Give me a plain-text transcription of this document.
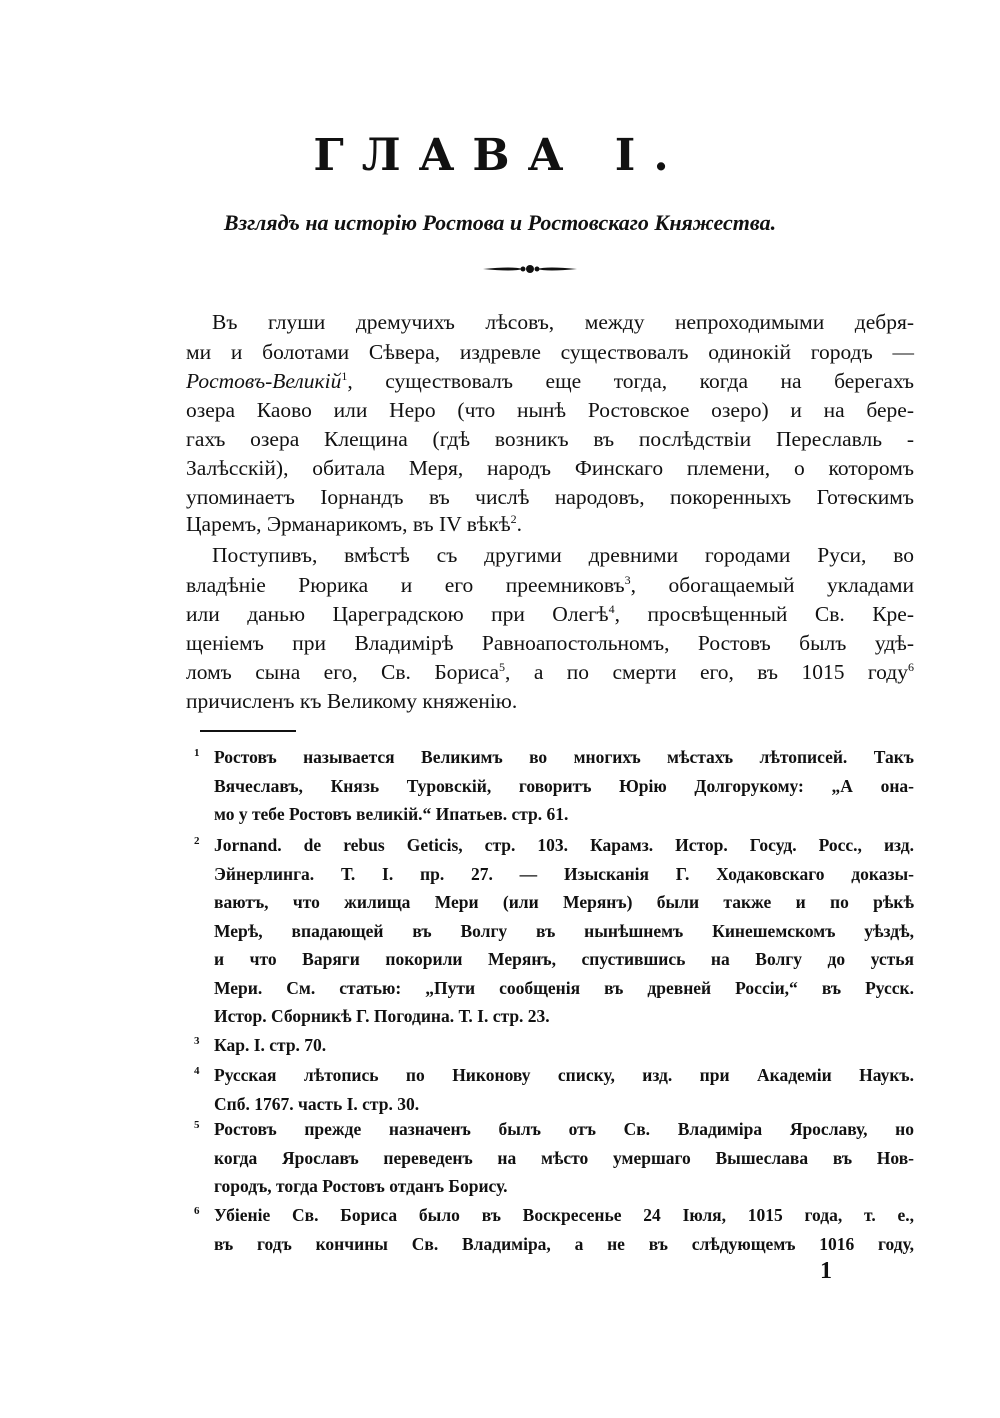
ГЛАВА I.
Взглядъ на исторію Ростова и Ростовскаго Княжества.
Въ глуши дремучихъ лѣсовъ, между непроходимыми дебря-
ми и болотами Сѣвера, издревле существовалъ одинокій городъ —
Ростовъ-Великій$^1$, существовалъ еще тогда, когда на берегахъ
озера Каово или Неро (что нынѣ Ростовское озеро) и на бере-
гахъ озера Клещина (гдѣ возникъ въ послѣдствіи Переславль -
Залѣсскій), обитала Меря, народъ Финскаго племени, о которомъ
упоминаетъ Іорнандъ въ числѣ народовъ, покоренныхъ Готѳскимъ
Царемъ, Эрманарикомъ, въ IV вѣкѣ$^2$.
Поступивъ, вмѣстѣ съ другими древними городами Руси, во
владѣніе Рюрика и его преемниковъ$^3$, обогащаемый укладами
или данью Цареградскою при Олегѣ$^4$, просвѣщенный Св. Кре-
щеніемъ при Владимірѣ Равноапостольномъ, Ростовъ былъ удѣ-
ломъ сына его, Св. Бориса$^5$, а по смерти его, въ 1015 году$^6$
причисленъ къ Великому княженію.
1 Ростовъ называется Великимъ во многихъ мѣстахъ лѣтописей. Такъ
Вячеславъ, Князь Туровскій, говоритъ Юрію Долгорукому: „А она-
мо у тебе Ростовъ великій.“ Ипатьев. стр. 61.
2 Jornand. de rebus Geticis, стр. 103. Карамз. Истор. Госуд. Росс., изд.
Эйнерлинга. Т. I. пр. 27. — Изысканія Г. Ходаковскаго доказы-
ваютъ, что жилища Мери (или Мерянъ) были также и по рѣкѣ
Мерѣ, впадающей въ Волгу въ нынѣшнемъ Кинешемскомъ уѣздѣ,
и что Варяги покорили Мерянъ, спустившись на Волгу до устья
Мери. См. статью: „Пути сообщенія въ древней Россіи,“ въ Русск.
Истор. Сборникѣ Г. Погодина. Т. I. стр. 23.
3 Кар. I. стр. 70.
4 Русская лѣтопись по Никонову списку, изд. при Академіи Наукъ.
Спб. 1767. часть I. стр. 30.
5 Ростовъ прежде назначенъ былъ отъ Св. Владиміра Ярославу, но
когда Ярославъ переведенъ на мѣсто умершаго Вышеслава въ Нов-
городъ, тогда Ростовъ отданъ Борису.
6 Убіеніе Св. Бориса было въ Воскресенье 24 Іюля, 1015 года, т. е.,
въ годъ кончины Св. Владиміра, а не въ слѣдующемъ 1016 году,
1
